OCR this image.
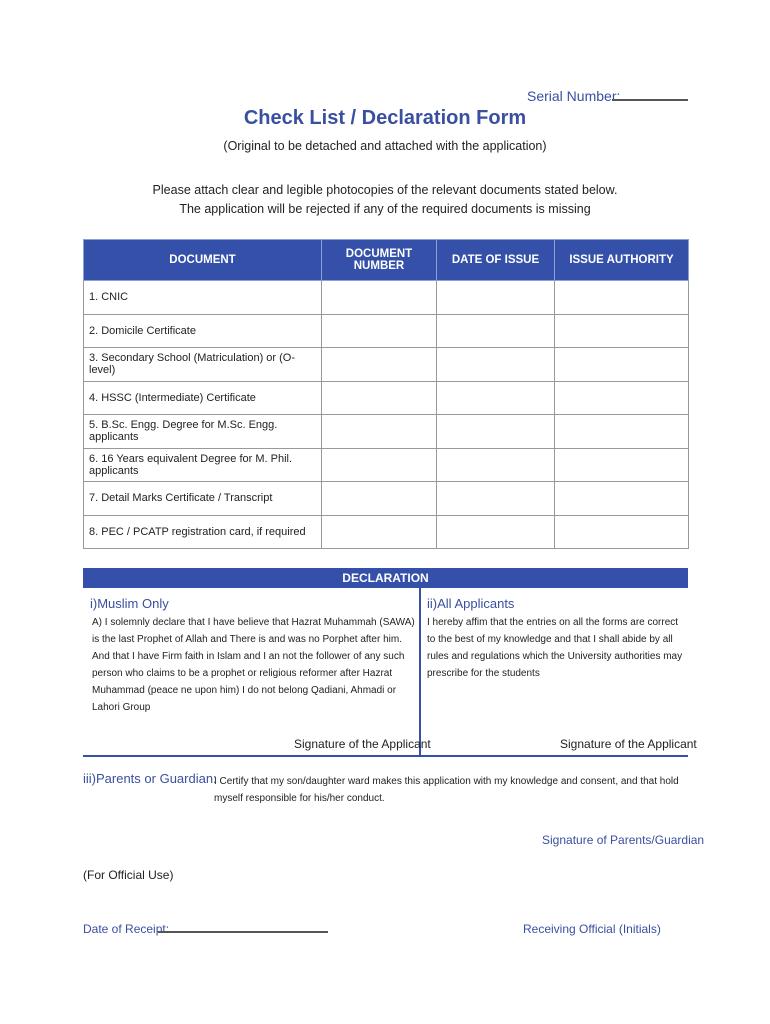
Serial Number:
Check List / Declaration Form
(Original to be detached and attached with the application)
Please attach clear and legible photocopies of the relevant documents stated below.
The application will be rejected if any of the required documents is missing
DOCUMENT	DOCUMENT NUMBER	DATE OF ISSUE	ISSUE AUTHORITY
1. CNIC			
2. Domicile Certificate			
3. Secondary School (Matriculation) or (O-level)			
4. HSSC (Intermediate) Certificate			
5. B.Sc. Engg. Degree for M.Sc. Engg. applicants			
6. 16 Years equivalent Degree for M. Phil. applicants			
7. Detail Marks Certificate / Transcript			
8. PEC / PCATP registration card, if required			
DECLARATION
i)Muslim Only
A) I solemnly declare that I have believe that Hazrat Muhammah (SAWA) is the last Prophet of Allah and There is and was no Porphet after him. And that I have Firm faith in Islam and I an not the follower of any such person who claims to be a prophet or religious reformer after Hazrat Muhammad (peace ne upon him) I do not belong Qadiani, Ahmadi or Lahori Group
Signature of the Applicant
ii)All Applicants
I hereby affim that the entries on all the forms are correct to the best of my knowledge and that I shall abide by all rules and regulations which the University authorities may prescribe for the students
Signature of the Applicant
iii)Parents or Guardian:
I Certify that my son/daughter ward makes this application with my knowledge and consent, and that hold myself responsible for his/her conduct.
Signature of Parents/Guardian
(For Official Use)
Date of Receipt:	Receiving Official (Initials)
